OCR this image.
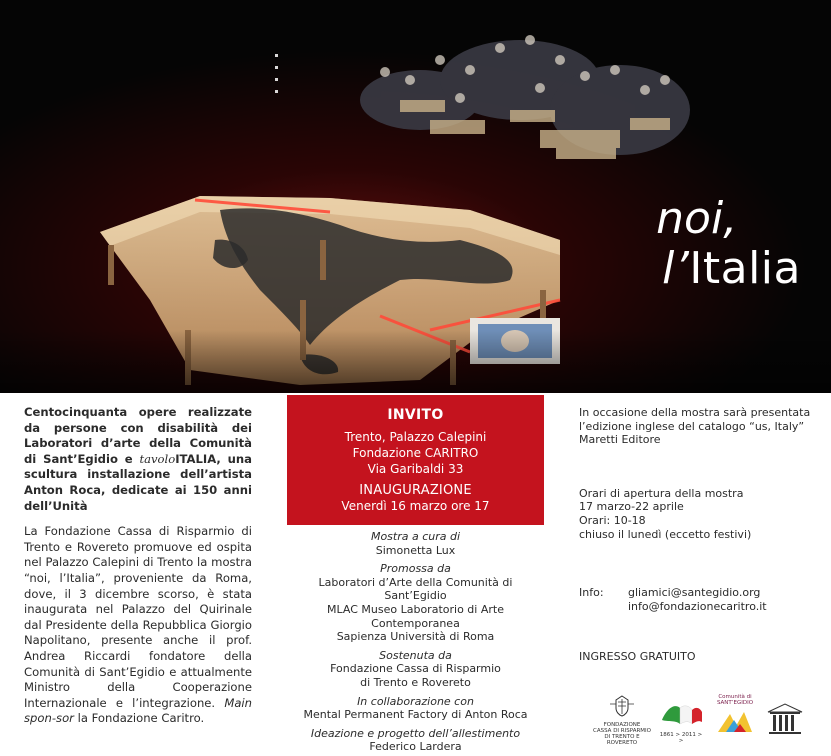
noi,
l’Italia

Centocinquanta opere realizzate da persone con disabilità dei Laboratori d’arte della Comunità di Sant’Egidio e tavoloITALIA, una scultura installazione dell’artista Anton Roca, dedicate ai 150 anni dell’Unità

La Fondazione Cassa di Risparmio di Trento e Rovereto promuove ed ospita nel Palazzo Calepini di Trento la mostra “noi, l’Italia”, proveniente da Roma, dove, il 3 dicembre scorso, è stata inaugurata nel Palazzo del Quirinale dal Presidente della Repubblica Giorgio Napolitano, presente anche il prof. Andrea Riccardi fondatore della Comunità di Sant’Egidio e attualmente Ministro della Cooperazione Internazionale e l’integrazione. Main spon-sor la Fondazione Caritro.

INVITO
Trento, Palazzo Calepini
Fondazione CARITRO
Via Garibaldi 33
INAUGURAZIONE
Venerdì 16 marzo ore 17
Mostra a cura di
Simonetta Lux
Promossa da
Laboratori d’Arte della Comunità di Sant’Egidio
MLAC Museo Laboratorio di Arte Contemporanea
Sapienza Università di Roma
Sostenuta da
Fondazione Cassa di Risparmio
di Trento e Rovereto
In collaborazione con
Mental Permanent Factory di Anton Roca
Ideazione e progetto dell’allestimento
Federico Lardera
In occasione della mostra sarà presentata
l’edizione inglese del catalogo “us, Italy”
Maretti Editore
Orari di apertura della mostra
17 marzo-22 aprile
Orari: 10-18
chiuso il lunedì (eccetto festivi)
Info: gliamici@santegidio.org
info@fondazionecaritro.it
INGRESSO GRATUITO
FONDAZIONE
CASSA DI RISPARMIO
DI TRENTO E ROVERETO
1861 > 2011 > >
Comunità di SANT’EGIDIO
